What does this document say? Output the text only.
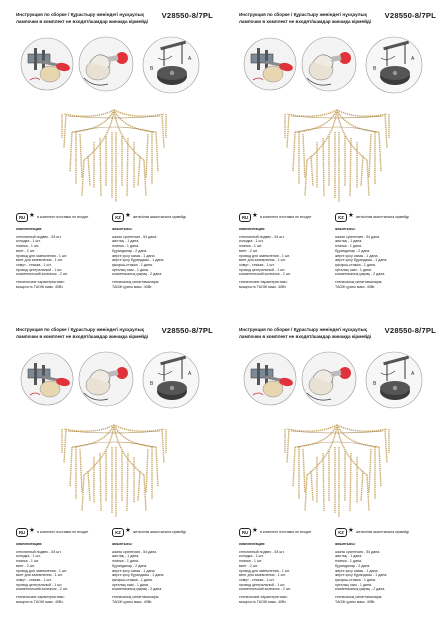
Инструкция по сборке / Құрастыру жөніндегі нұсқаулық	V28550-8/7PL
лампочки в комплект не входят/шамдар жинаққа кірмейді
A
B
RU ★ в комплект поставки не входят	KZ ★ жеткізілім жиынтығына кірмейді
комплектация:
стеклянный подвес - 54 шт.
колодка - 1 шт.
планка - 1 шт.
винт - 2 шт.
провод для заземления - 1 шт.
винт для заземления - 1 шт.
хомут - стяжка - 1 шт.
провод центральный - 1 шт.
косметический колпачок - 2 шт.
технические характеристики:
мощность ТАОЖ макс. 40Вт.
жиынтығы:
шыны суспензия - 54 дана.
жастық - 1 дана.
планка - 1 дана.
бұрандалар - 2 дана.
жерге қосу сымы - 1 дана.
жерге қосу бұрандасы - 1 дана.
қысқыш-стяжка - 1 дана.
орталық сым - 1 дана.
косметикалық қақпақ - 2 дана.
техникалық сипаттамалары:
ТАОЖ қуаты макс. 40Вт.
Инструкция по сборке / Құрастыру жөніндегі нұсқаулық	V28550-8/7PL
лампочки в комплект не входят/шамдар жинаққа кірмейді
A
B
RU ★ в комплект поставки не входят	KZ ★ жеткізілім жиынтығына кірмейді
комплектация:
стеклянный подвес - 54 шт.
колодка - 1 шт.
планка - 1 шт.
винт - 2 шт.
провод для заземления - 1 шт.
винт для заземления - 1 шт.
хомут - стяжка - 1 шт.
провод центральный - 1 шт.
косметический колпачок - 2 шт.
технические характеристики:
мощность ТАОЖ макс. 40Вт.
жиынтығы:
шыны суспензия - 54 дана.
жастық - 1 дана.
планка - 1 дана.
бұрандалар - 2 дана.
жерге қосу сымы - 1 дана.
жерге қосу бұрандасы - 1 дана.
қысқыш-стяжка - 1 дана.
орталық сым - 1 дана.
косметикалық қақпақ - 2 дана.
техникалық сипаттамалары:
ТАОЖ қуаты макс. 40Вт.
Инструкция по сборке / Құрастыру жөніндегі нұсқаулық	V28550-8/7PL
лампочки в комплект не входят/шамдар жинаққа кірмейді
A
B
RU ★ в комплект поставки не входят	KZ ★ жеткізілім жиынтығына кірмейді
комплектация:
стеклянный подвес - 54 шт.
колодка - 1 шт.
планка - 1 шт.
винт - 2 шт.
провод для заземления - 1 шт.
винт для заземления - 1 шт.
хомут - стяжка - 1 шт.
провод центральный - 1 шт.
косметический колпачок - 2 шт.
технические характеристики:
мощность ТАОЖ макс. 40Вт.
жиынтығы:
шыны суспензия - 54 дана.
жастық - 1 дана.
планка - 1 дана.
бұрандалар - 2 дана.
жерге қосу сымы - 1 дана.
жерге қосу бұрандасы - 1 дана.
қысқыш-стяжка - 1 дана.
орталық сым - 1 дана.
косметикалық қақпақ - 2 дана.
техникалық сипаттамалары:
ТАОЖ қуаты макс. 40Вт.
Инструкция по сборке / Құрастыру жөніндегі нұсқаулық	V28550-8/7PL
лампочки в комплект не входят/шамдар жинаққа кірмейді
A
B
RU ★ в комплект поставки не входят	KZ ★ жеткізілім жиынтығына кірмейді
комплектация:
стеклянный подвес - 54 шт.
колодка - 1 шт.
планка - 1 шт.
винт - 2 шт.
провод для заземления - 1 шт.
винт для заземления - 1 шт.
хомут - стяжка - 1 шт.
провод центральный - 1 шт.
косметический колпачок - 2 шт.
технические характеристики:
мощность ТАОЖ макс. 40Вт.
жиынтығы:
шыны суспензия - 54 дана.
жастық - 1 дана.
планка - 1 дана.
бұрандалар - 2 дана.
жерге қосу сымы - 1 дана.
жерге қосу бұрандасы - 1 дана.
қысқыш-стяжка - 1 дана.
орталық сым - 1 дана.
косметикалық қақпақ - 2 дана.
техникалық сипаттамалары:
ТАОЖ қуаты макс. 40Вт.
